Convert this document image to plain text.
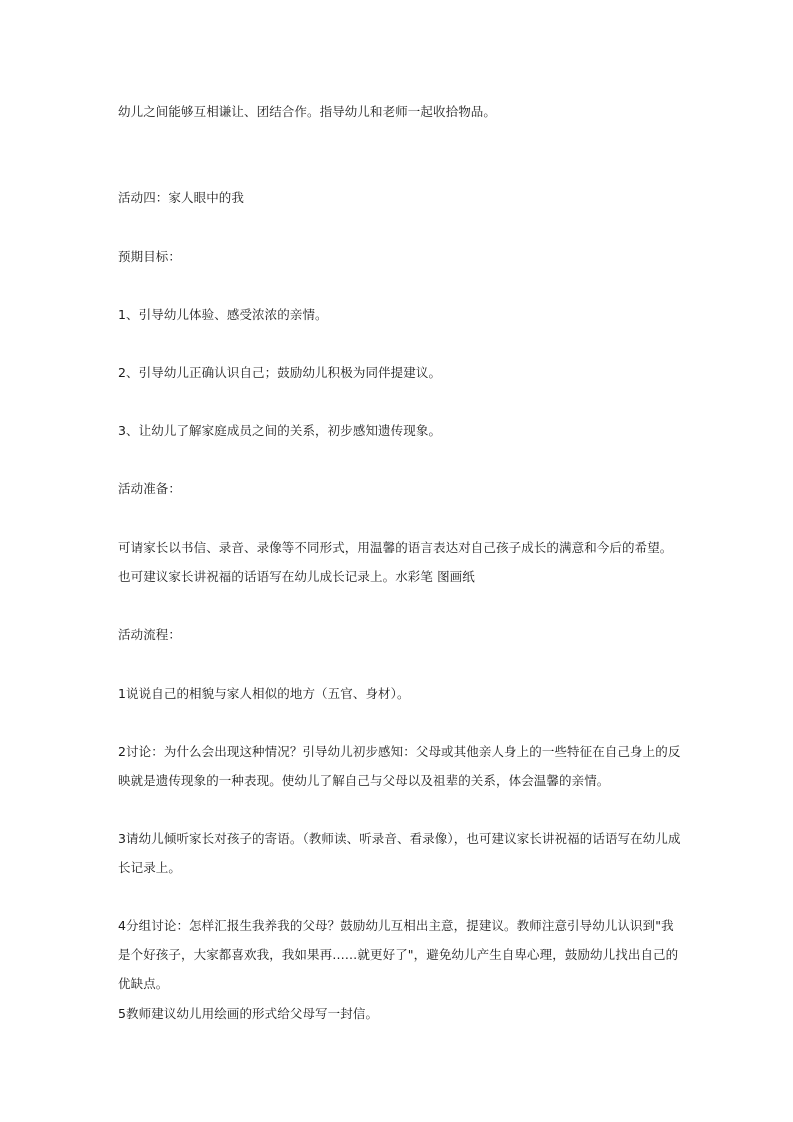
幼儿之间能够互相谦让、团结合作。指导幼儿和老师一起收拾物品。

活动四：家人眼中的我

预期目标：

1、引导幼儿体验、感受浓浓的亲情。

2、引导幼儿正确认识自己；鼓励幼儿积极为同伴提建议。

3、让幼儿了解家庭成员之间的关系，初步感知遗传现象。

活动准备：

可请家长以书信、录音、录像等不同形式，用温馨的语言表达对自己孩子成长的满意和今后的希望。也可建议家长讲祝福的话语写在幼儿成长记录上。水彩笔 图画纸

活动流程：

1说说自己的相貌与家人相似的地方（五官、身材）。

2讨论：为什么会出现这种情况？引导幼儿初步感知：父母或其他亲人身上的一些特征在自己身上的反映就是遗传现象的一种表现。使幼儿了解自己与父母以及祖辈的关系，体会温馨的亲情。

3请幼儿倾听家长对孩子的寄语。（教师读、听录音、看录像），也可建议家长讲祝福的话语写在幼儿成长记录上。

4分组讨论：怎样汇报生我养我的父母？鼓励幼儿互相出主意，提建议。教师注意引导幼儿认识到"我是个好孩子，大家都喜欢我，我如果再……就更好了"，避免幼儿产生自卑心理，鼓励幼儿找出自己的优缺点。

5教师建议幼儿用绘画的形式给父母写一封信。
